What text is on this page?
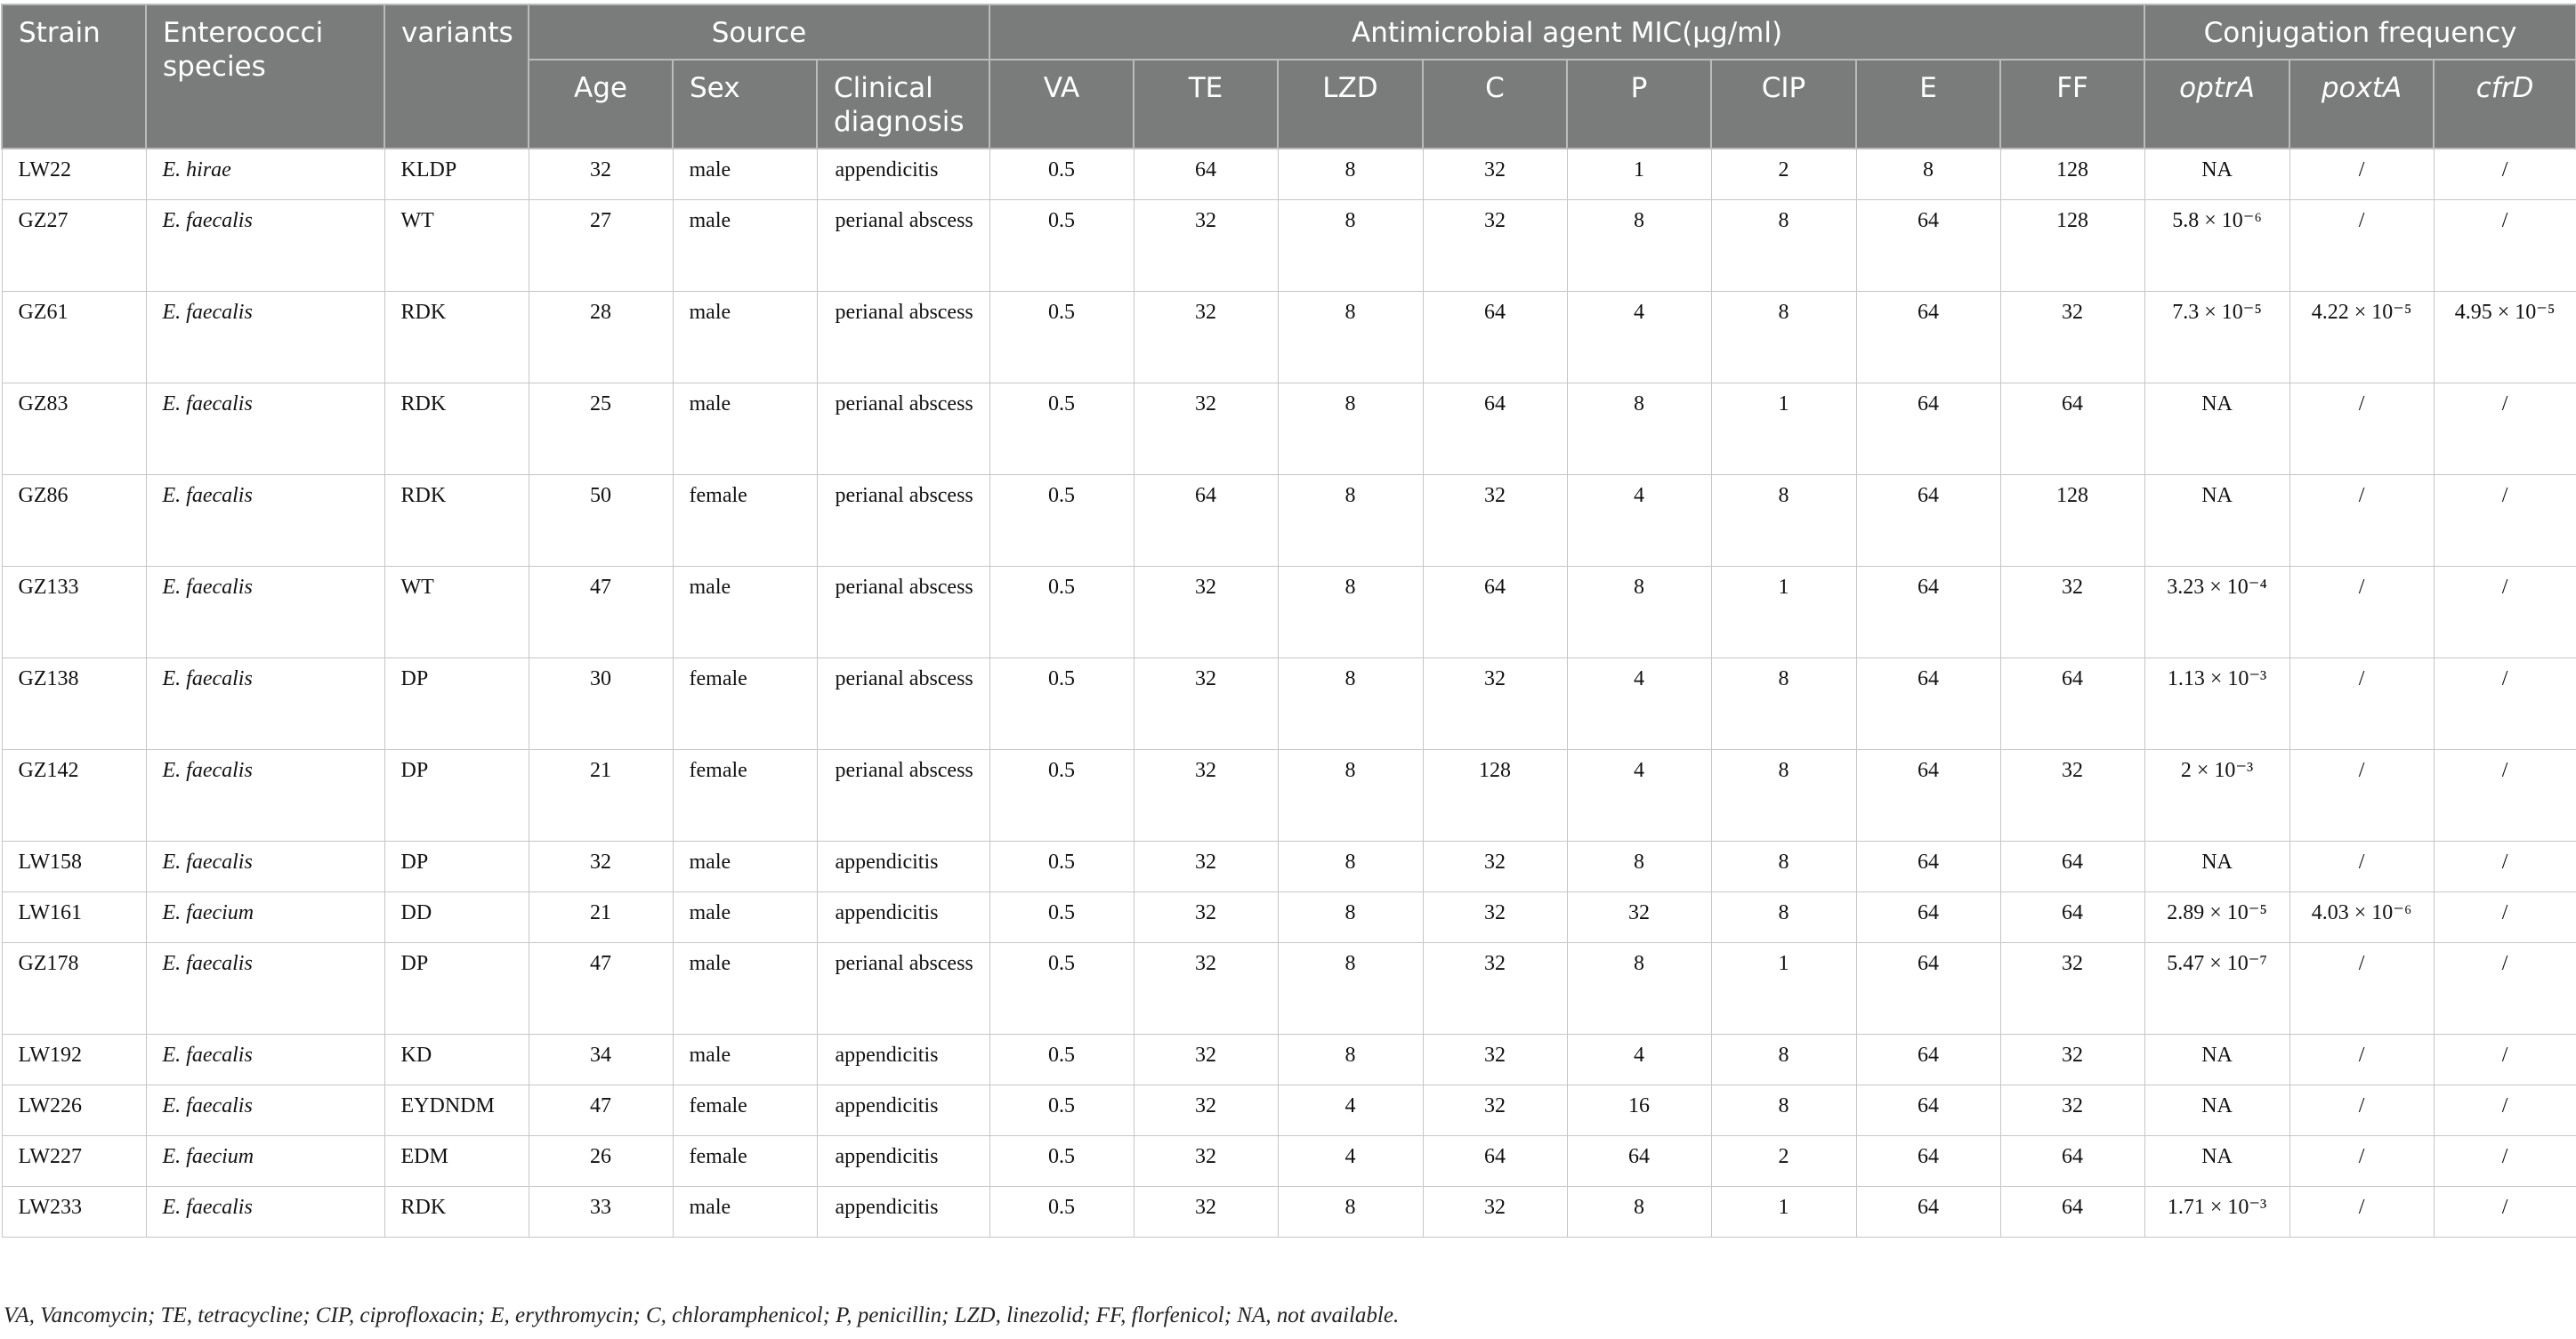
Strain	Enterococci species	variants	Source			Antimicrobial agent MIC(μg/ml)								Conjugation frequency		
			Age	Sex	Clinical diagnosis	VA	TE	LZD	C	P	CIP	E	FF	optrA	poxtA	cfrD
LW22	E. hirae	KLDP	32	male	appendicitis	0.5	64	8	32	1	2	8	128	NA	/	/
GZ27	E. faecalis	WT	27	male	perianal abscess	0.5	32	8	32	8	8	64	128	5.8 × 10⁻⁶	/	/
GZ61	E. faecalis	RDK	28	male	perianal abscess	0.5	32	8	64	4	8	64	32	7.3 × 10⁻⁵	4.22 × 10⁻⁵	4.95 × 10⁻⁵
GZ83	E. faecalis	RDK	25	male	perianal abscess	0.5	32	8	64	8	1	64	64	NA	/	/
GZ86	E. faecalis	RDK	50	female	perianal abscess	0.5	64	8	32	4	8	64	128	NA	/	/
GZ133	E. faecalis	WT	47	male	perianal abscess	0.5	32	8	64	8	1	64	32	3.23 × 10⁻⁴	/	/
GZ138	E. faecalis	DP	30	female	perianal abscess	0.5	32	8	32	4	8	64	64	1.13 × 10⁻³	/	/
GZ142	E. faecalis	DP	21	female	perianal abscess	0.5	32	8	128	4	8	64	32	2 × 10⁻³	/	/
LW158	E. faecalis	DP	32	male	appendicitis	0.5	32	8	32	8	8	64	64	NA	/	/
LW161	E. faecium	DD	21	male	appendicitis	0.5	32	8	32	32	8	64	64	2.89 × 10⁻⁵	4.03 × 10⁻⁶	/
GZ178	E. faecalis	DP	47	male	perianal abscess	0.5	32	8	32	8	1	64	32	5.47 × 10⁻⁷	/	/
LW192	E. faecalis	KD	34	male	appendicitis	0.5	32	8	32	4	8	64	32	NA	/	/
LW226	E. faecalis	EYDNDM	47	female	appendicitis	0.5	32	4	32	16	8	64	32	NA	/	/
LW227	E. faecium	EDM	26	female	appendicitis	0.5	32	4	64	64	2	64	64	NA	/	/
LW233	E. faecalis	RDK	33	male	appendicitis	0.5	32	8	32	8	1	64	64	1.71 × 10⁻³	/	/
VA, Vancomycin; TE, tetracycline; CIP, ciprofloxacin; E, erythromycin; C, chloramphenicol; P, penicillin; LZD, linezolid; FF, florfenicol; NA, not available.
